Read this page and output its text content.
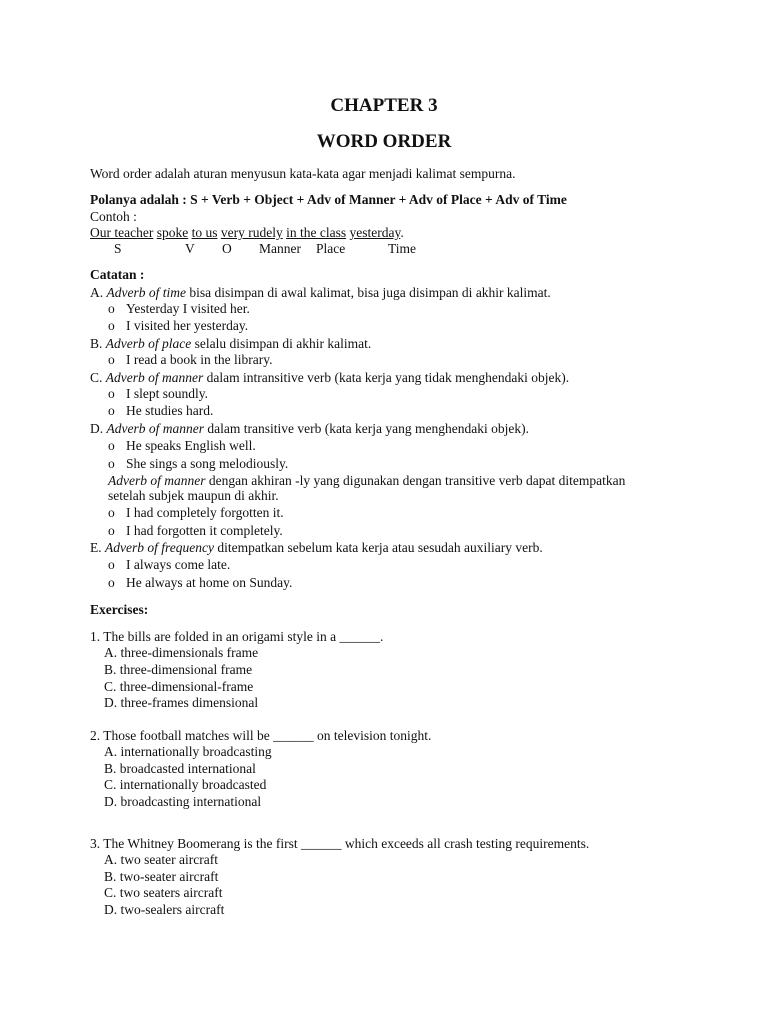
CHAPTER 3
WORD ORDER
Word order adalah aturan menyusun kata-kata agar menjadi kalimat sempurna.
Polanya adalah : S + Verb + Object + Adv of Manner + Adv of Place + Adv of Time
Contoh :
Our teacher spoke to us very rudely in the class yesterday.
S	V O Manner Place	Time
Catatan :
A. Adverb of time bisa disimpan di awal kalimat, bisa juga disimpan di akhir kalimat.
o Yesterday I visited her.
o I visited her yesterday.
B. Adverb of place selalu disimpan di akhir kalimat.
o I read a book in the library.
C. Adverb of manner dalam intransitive verb (kata kerja yang tidak menghendaki objek).
o I slept soundly.
o He studies hard.
D. Adverb of manner dalam transitive verb (kata kerja yang menghendaki objek).
o He speaks English well.
o She sings a song melodiously.
Adverb of manner dengan akhiran -ly yang digunakan dengan transitive verb dapat ditempatkan
setelah subjek maupun di akhir.
o I had completely forgotten it.
o I had forgotten it completely.
E. Adverb of frequency ditempatkan sebelum kata kerja atau sesudah auxiliary verb.
o I always come late.
o He always at home on Sunday.
Exercises:
1. The bills are folded in an origami style in a ______.
A. three-dimensionals frame
B. three-dimensional frame
C. three-dimensional-frame
D. three-frames dimensional
2. Those football matches will be ______ on television tonight.
A. internationally broadcasting
B. broadcasted international
C. internationally broadcasted
D. broadcasting international
3. The Whitney Boomerang is the first ______ which exceeds all crash testing requirements.
A. two seater aircraft
B. two-seater aircraft
C. two seaters aircraft
D. two-sealers aircraft
